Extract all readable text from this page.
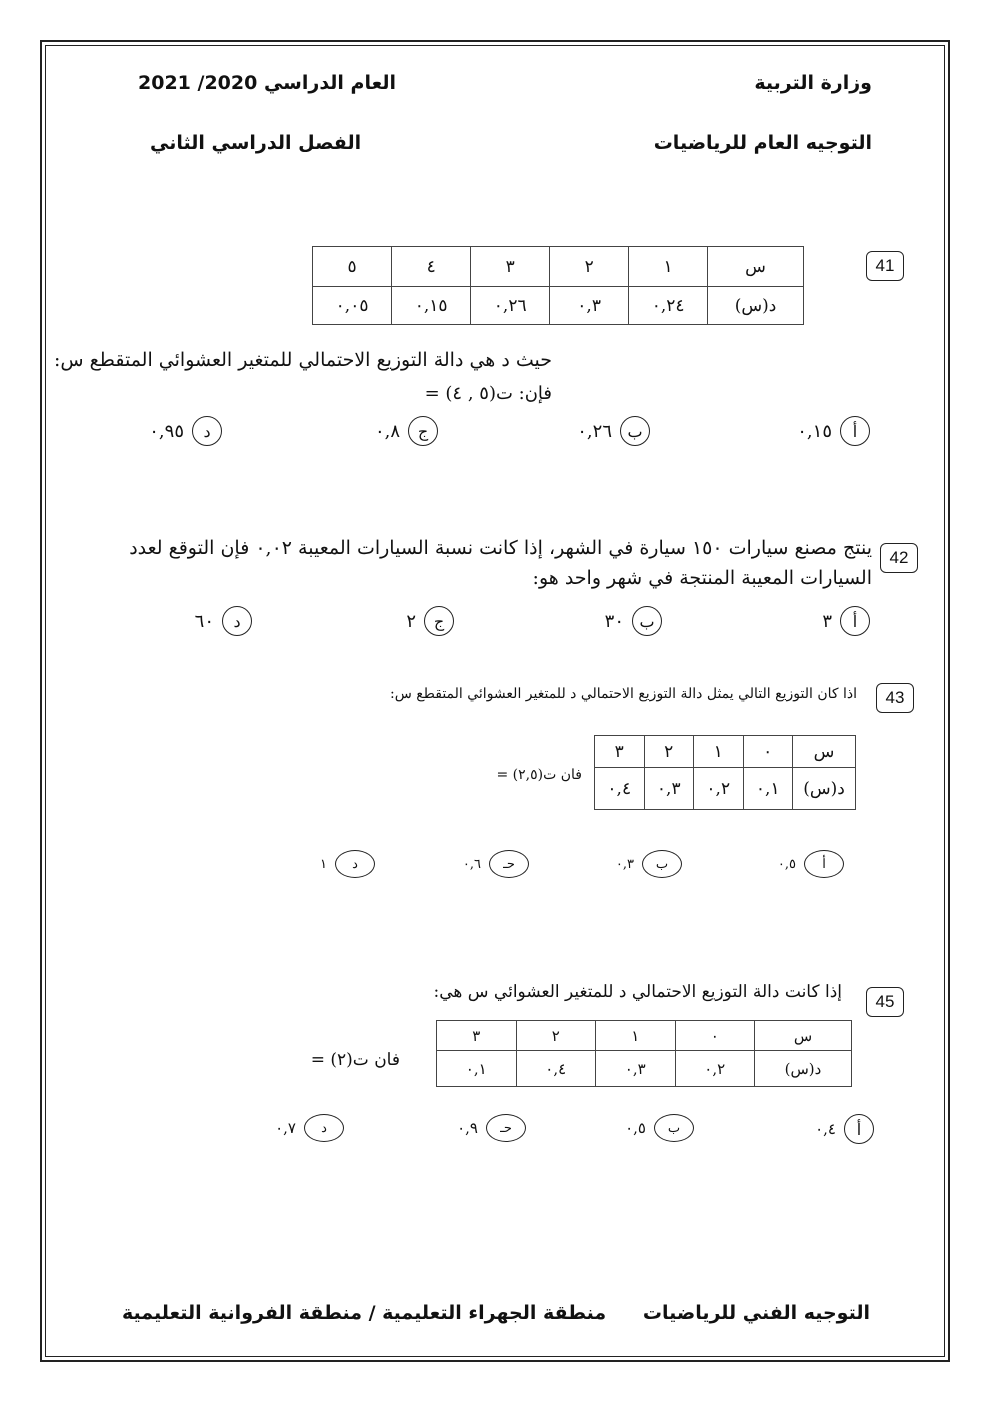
وزارة التربية
العام الدراسي 2020/ 2021
التوجيه العام للرياضيات
الفصل الدراسي الثاني
41
س	١	٢	٣	٤	٥
د(س)	٠,٢٤	٠,٣	٠,٢٦	٠,١٥	٠,٠٥
حيث د هي دالة التوزيع الاحتمالي للمتغير العشوائي المتقطع س:
فإن: ت(٥ , ٤) =
أ
٠,١٥
ب
٠,٢٦
ج
٠,٨
د
٠,٩٥
42
ينتج مصنع سيارات ١٥٠ سيارة في الشهر، إذا كانت نسبة السيارات المعيبة ٠,٠٢ فإن التوقع لعدد
السيارات المعيبة المنتجة في شهر واحد هو:
أ
٣
ب
٣٠
ج
٢
د
٦٠
43
اذا كان التوزيع التالي يمثل دالة التوزيع الاحتمالي د للمتغير العشوائي المتقطع س:
س	٠	١	٢	٣
د(س)	٠,١	٠,٢	٠,٣	٠,٤
فان ت(٢,٥) =
أ
٠,٥
ب
٠,٣
حـ
٠,٦
د
١
45
إذا كانت دالة التوزيع الاحتمالي د للمتغير العشوائي س هي:
س	٠	١	٢	٣
د(س)	٠,٢	٠,٣	٠,٤	٠,١
فان ت(٢) =
أ
٠,٤
ب
٠,٥
حـ
٠,٩
د
٠,٧
التوجيه الفني للرياضيات
منطقة الجهراء التعليمية / منطقة الفروانية التعليمية
